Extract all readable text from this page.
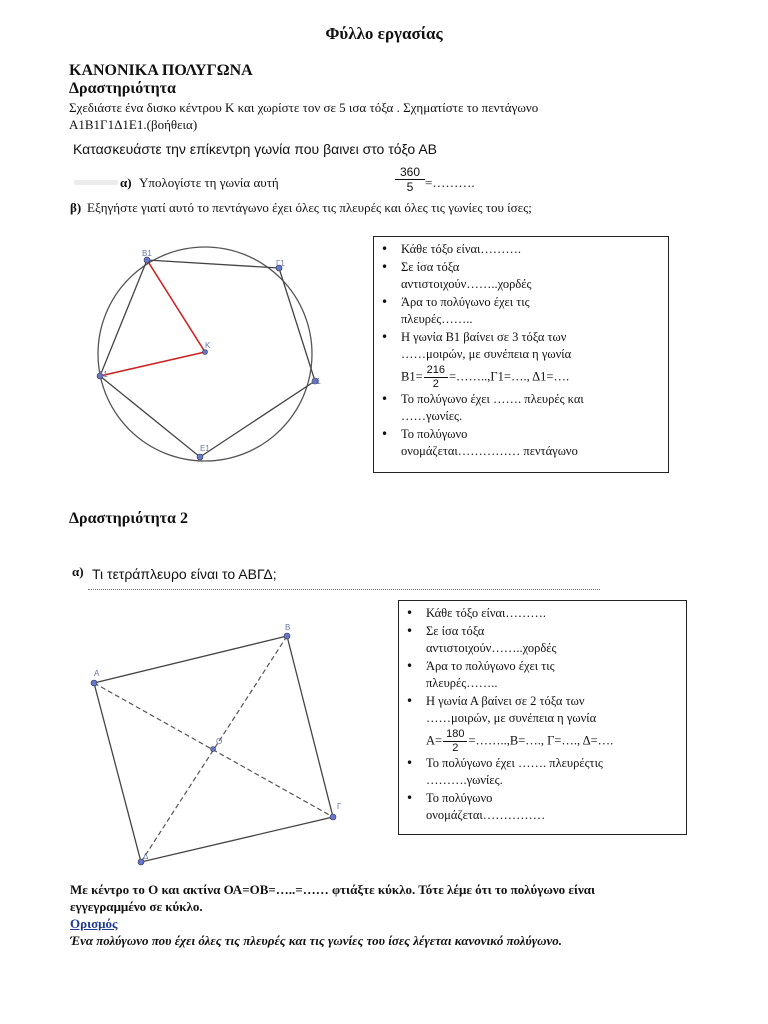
Φύλλο εργασίας
ΚΑΝΟΝΙΚΑ ΠΟΛΥΓΩΝΑ
Δραστηριότητα
Σχεδιάστε ένα δισκο κέντρου Κ και χωρίστε τον σε 5 ισα τόξα . Σχηματίστε το πεντάγωνο
Α1Β1Γ1Δ1Ε1.(βοήθεια)
Κατασκευάστε την επίκεντρη γωνία που βαινει στο τόξο ΑΒ
α) Υπολογίστε τη γωνία αυτή	$\frac{360}{5}$ =……….
β) Εξηγήστε γιατί αυτό το πεντάγωνο έχει όλες τις πλευρές και όλες τις γωνίες του ίσες;
Β1
Γ1
Κ
Α1
Δ1
Ε1
• Κάθε τόξο είναι……….
• Σε ίσα τόξα
αντιστοιχούν……..χορδές
• Άρα το πολύγωνο έχει τις
πλευρές……..
• Η γωνία Β1 βαίνει σε 3 τόξα των
……μοιρών, με συνέπεια η γωνία
$B1= \frac{216}{2}$ =……..,Γ1=…., Δ1=….
• Το πολύγωνο έχει ……. πλευρές και
……γωνίες.
• Το πολύγωνο
ονομάζεται…………… πεντάγωνο
Δραστηριότητα 2
α) Τι τετράπλευρο είναι το ΑΒΓΔ;
Α
Β
Ο
Γ
Δ
• Κάθε τόξο είναι……….
• Σε ίσα τόξα
αντιστοιχούν……..χορδές
• Άρα το πολύγωνο έχει τις
πλευρές……..
• Η γωνία Α βαίνει σε 2 τόξα των
……μοιρών, με συνέπεια η γωνία
$A= \frac{180}{2}$ =……..,Β=…., Γ=…., Δ=….
• Το πολύγωνο έχει ……. πλευρέςτις
……….γωνίες.
• Το πολύγωνο
ονομάζεται……………
Με κέντρο το Ο και ακτίνα ΟΑ=ΟΒ=…..=…… φτιάξτε κύκλο. Τότε λέμε ότι το πολύγωνο είναι
εγγεγραμμένο σε κύκλο.
Ορισμός
Ένα πολύγωνο που έχει όλες τις πλευρές και τις γωνίες του ίσες λέγεται κανονικό πολύγωνο.
